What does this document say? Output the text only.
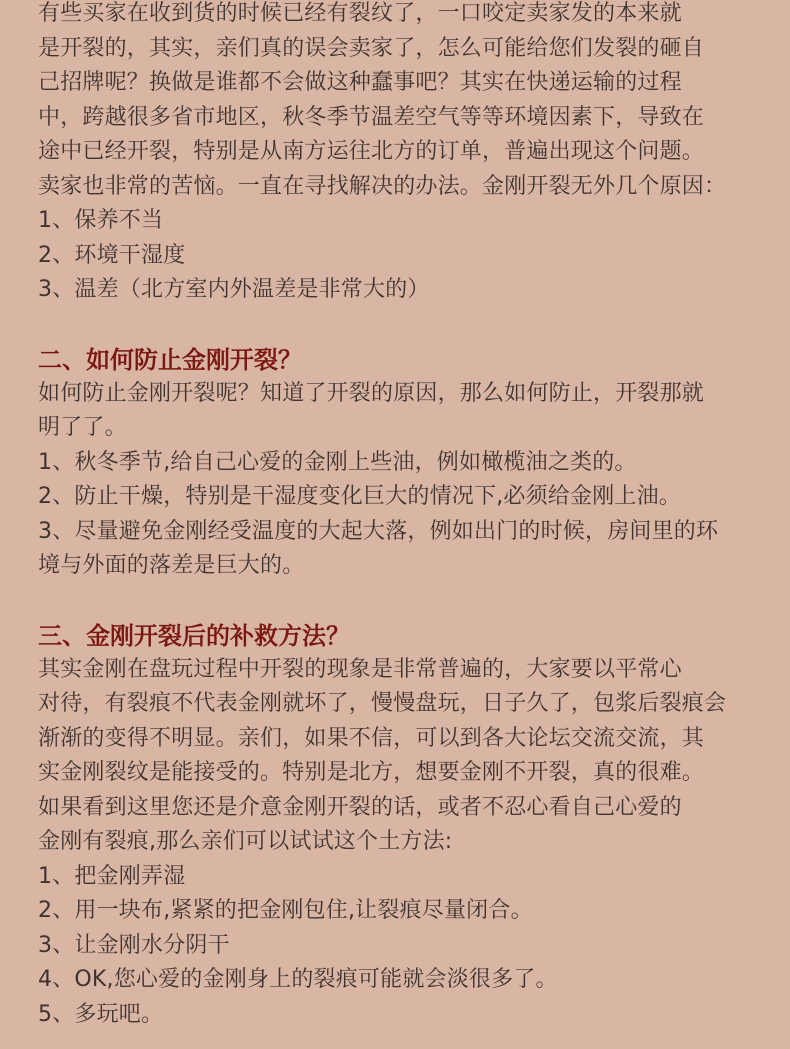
有些买家在收到货的时候已经有裂纹了，一口咬定卖家发的本来就
是开裂的，其实，亲们真的误会卖家了，怎么可能给您们发裂的砸自
己招牌呢？换做是谁都不会做这种蠢事吧？其实在快递运输的过程
中，跨越很多省市地区，秋冬季节温差空气等等环境因素下，导致在
途中已经开裂，特别是从南方运往北方的订单，普遍出现这个问题。
卖家也非常的苦恼。一直在寻找解决的办法。金刚开裂无外几个原因：
1、保养不当
2、环境干湿度
3、温差（北方室内外温差是非常大的）
二、如何防止金刚开裂？
如何防止金刚开裂呢？知道了开裂的原因，那么如何防止，开裂那就
明了了。
1、秋冬季节,给自己心爱的金刚上些油，例如橄榄油之类的。
2、防止干燥，特别是干湿度变化巨大的情况下,必须给金刚上油。
3、尽量避免金刚经受温度的大起大落，例如出门的时候，房间里的环
境与外面的落差是巨大的。
三、金刚开裂后的补救方法？
其实金刚在盘玩过程中开裂的现象是非常普遍的，大家要以平常心
对待，有裂痕不代表金刚就坏了，慢慢盘玩，日子久了，包浆后裂痕会
渐渐的变得不明显。亲们，如果不信，可以到各大论坛交流交流，其
实金刚裂纹是能接受的。特别是北方，想要金刚不开裂，真的很难。
如果看到这里您还是介意金刚开裂的话，或者不忍心看自己心爱的
金刚有裂痕,那么亲们可以试试这个土方法:
1、把金刚弄湿
2、用一块布,紧紧的把金刚包住,让裂痕尽量闭合。
3、让金刚水分阴干
4、OK,您心爱的金刚身上的裂痕可能就会淡很多了。
5、多玩吧。
